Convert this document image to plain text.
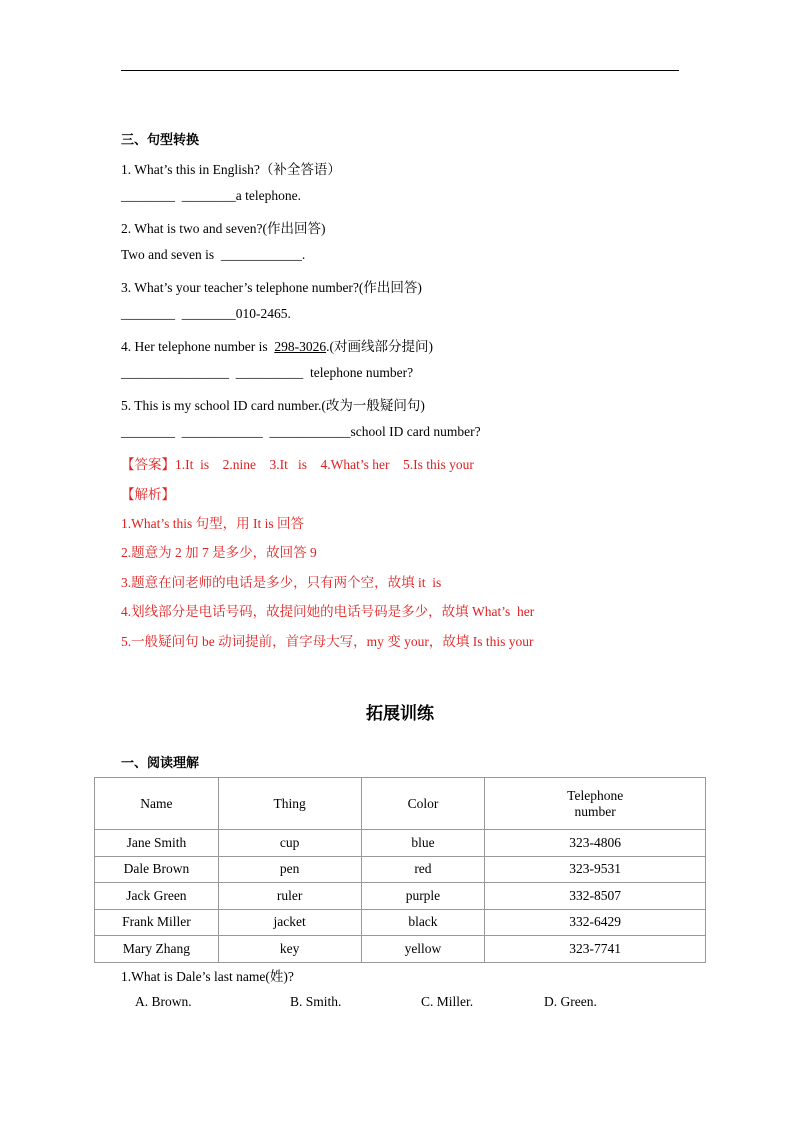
三、句型转换
1. What’s this in English?（补全答语）
________  ________a telephone.
2. What is two and seven?(作出回答)
Two and seven is  ____________.
3. What’s your teacher’s telephone number?(作出回答)
________  ________010-2465.
4. Her telephone number is  298-3026.(对画线部分提问)
________________  __________  telephone number?
5. This is my school ID card number.(改为一般疑问句)
________  ____________  ____________school ID card number?
【答案】1.It  is    2.nine    3.It   is    4.What’s her    5.Is this your
【解析】
1.What’s this 句型，用 It is 回答
2.题意为 2 加 7 是多少，故回答 9
3.题意在问老师的电话是多少，只有两个空，故填 it  is
4.划线部分是电话号码，故提问她的电话号码是多少，故填 What’s  her
5.一般疑问句 be 动词提前，首字母大写，my 变 your，故填 Is this your
拓展训练
一、阅读理解
Name	Thing	Color	Telephone
number
Jane Smith	cup	blue	323-4806
Dale Brown	pen	red	323-9531
Jack Green	ruler	purple	332-8507
Frank Miller	jacket	black	332-6429
Mary Zhang	key	yellow	323-7741
1.What is Dale’s last name(姓)?
A. Brown.	B. Smith.	C. Miller.	D. Green.
